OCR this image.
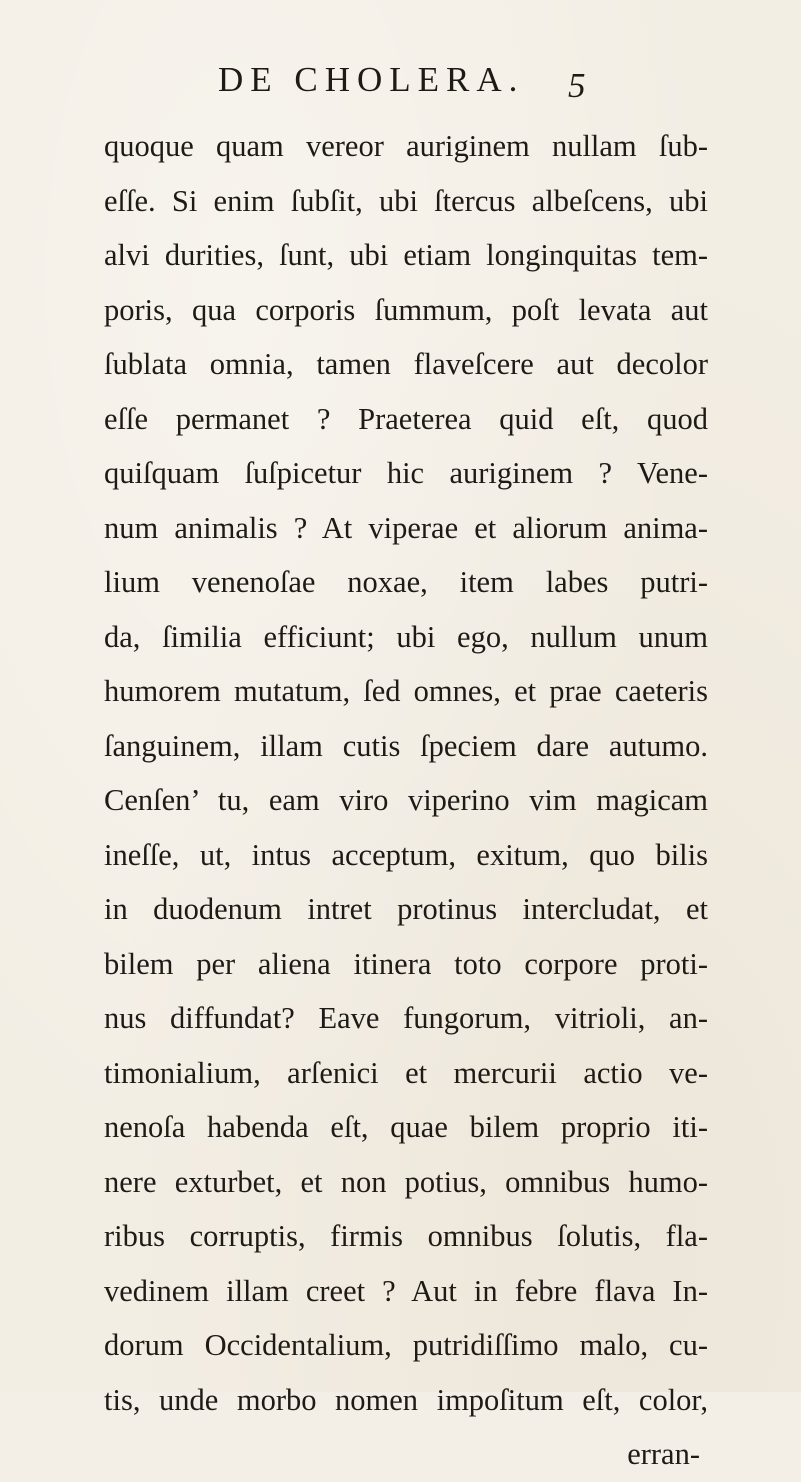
DE CHOLERA. 5
quoque quam vereor auriginem nullam ſub-
eſſe. Si enim ſubſit, ubi ſtercus albeſcens, ubi
alvi durities, ſunt, ubi etiam longinquitas tem-
poris, qua corporis ſummum, poſt levata aut
ſublata omnia, tamen flaveſcere aut decolor
eſſe permanet ? Praeterea quid eſt, quod
quiſquam ſuſpicetur hic auriginem ? Vene-
num animalis ? At viperae et aliorum anima-
lium venenoſae noxae, item labes putri-
da, ſimilia efficiunt; ubi ego, nullum unum
humorem mutatum, ſed omnes, et prae caeteris
ſanguinem, illam cutis ſpeciem dare autumo.
Cenſen’ tu, eam viro viperino vim magicam
ineſſe, ut, intus acceptum, exitum, quo bilis
in duodenum intret protinus intercludat, et
bilem per aliena itinera toto corpore proti-
nus diffundat? Eave fungorum, vitrioli, an-
timonialium, arſenici et mercurii actio ve-
nenoſa habenda eſt, quae bilem proprio iti-
nere exturbet, et non potius, omnibus humo-
ribus corruptis, firmis omnibus ſolutis, fla-
vedinem illam creet ? Aut in febre flava In-
dorum Occidentalium, putridiſſimo malo, cu-
tis, unde morbo nomen impoſitum eſt, color,
erran-
